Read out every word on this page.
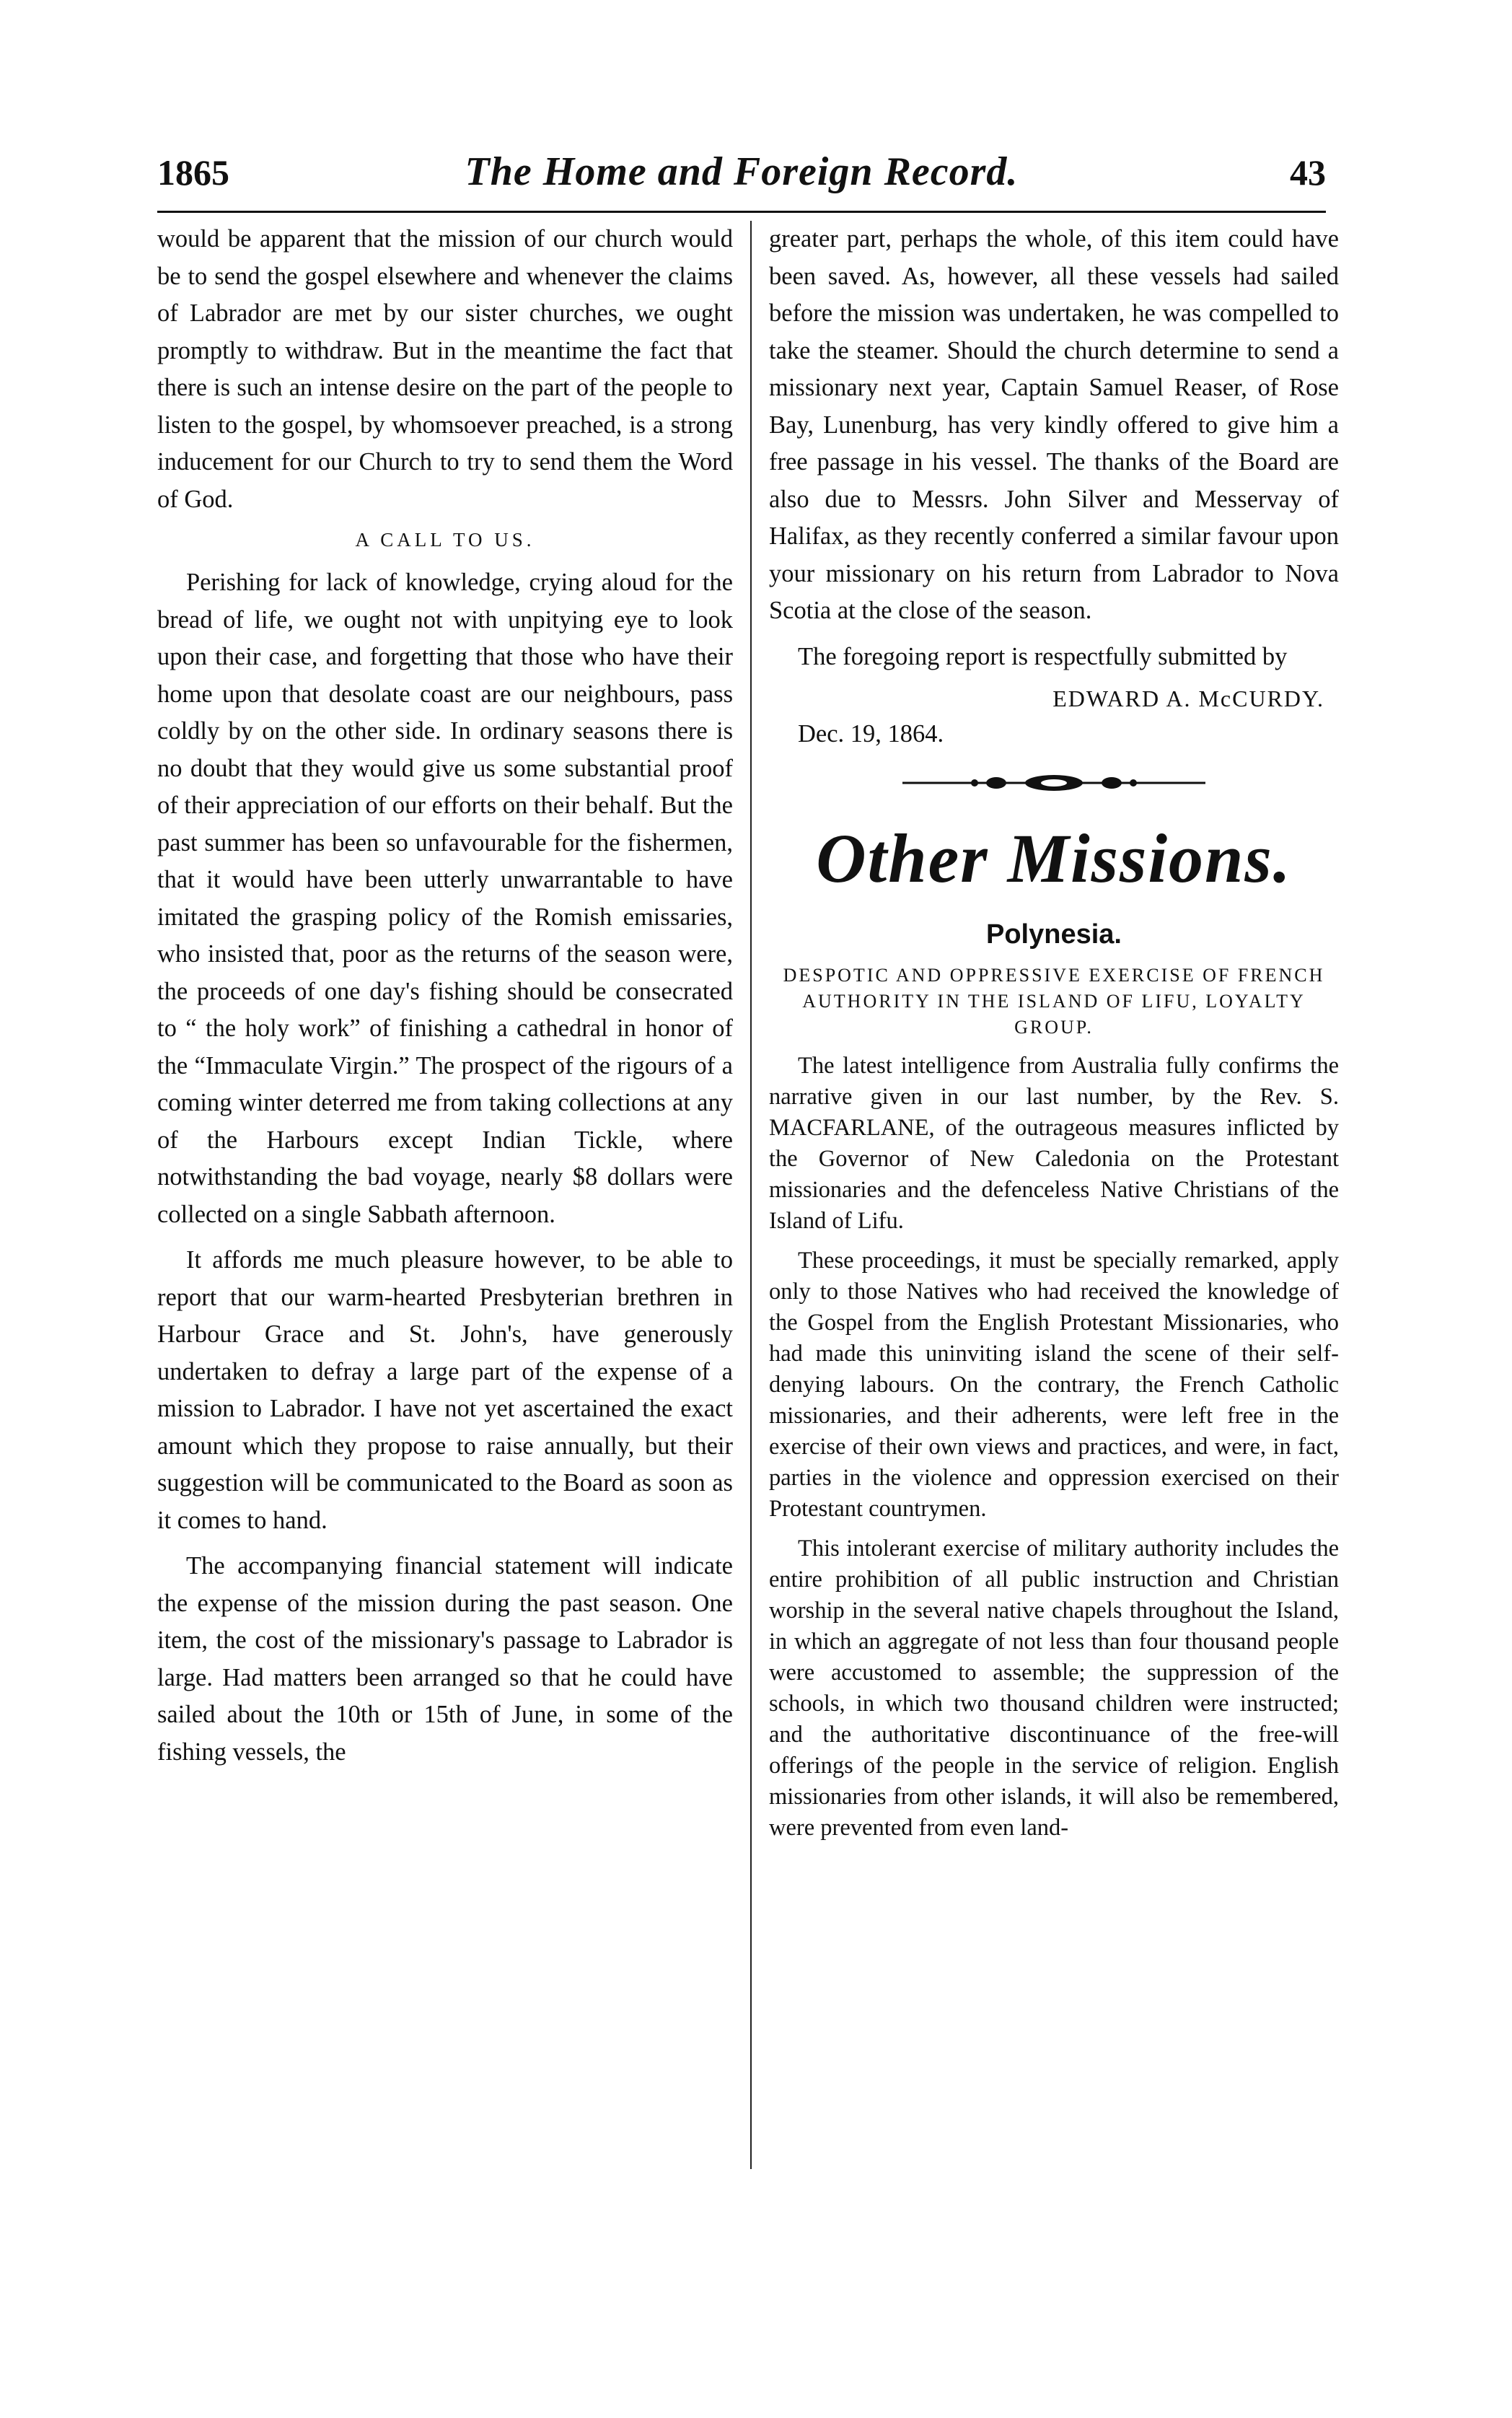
1865	The Home and Foreign Record.	43

would be apparent that the mission of our church would be to send the gospel elsewhere and whenever the claims of Labrador are met by our sister churches, we ought promptly to withdraw. But in the meantime the fact that there is such an intense desire on the part of the people to listen to the gospel, by whomsoever preached, is a strong inducement for our Church to try to send them the Word of God.

A CALL TO US.

Perishing for lack of knowledge, crying aloud for the bread of life, we ought not with unpitying eye to look upon their case, and forgetting that those who have their home upon that desolate coast are our neighbours, pass coldly by on the other side. In ordinary seasons there is no doubt that they would give us some substantial proof of their appreciation of our efforts on their behalf. But the past summer has been so unfavourable for the fishermen, that it would have been utterly unwarrantable to have imitated the grasping policy of the Romish emissaries, who insisted that, poor as the returns of the season were, the proceeds of one day's fishing should be consecrated to “ the holy work” of finishing a cathedral in honor of the “Immaculate Virgin.” The prospect of the rigours of a coming winter deterred me from taking collections at any of the Harbours except Indian Tickle, where notwithstanding the bad voyage, nearly $8 dollars were collected on a single Sabbath afternoon.

It affords me much pleasure however, to be able to report that our warm-hearted Presbyterian brethren in Harbour Grace and St. John's, have generously undertaken to defray a large part of the expense of a mission to Labrador. I have not yet ascertained the exact amount which they propose to raise annually, but their suggestion will be communicated to the Board as soon as it comes to hand.

The accompanying financial statement will indicate the expense of the mission during the past season. One item, the cost of the missionary's passage to Labrador is large. Had matters been arranged so that he could have sailed about the 10th or 15th of June, in some of the fishing vessels, the

greater part, perhaps the whole, of this item could have been saved. As, however, all these vessels had sailed before the mission was undertaken, he was compelled to take the steamer. Should the church determine to send a missionary next year, Captain Samuel Reaser, of Rose Bay, Lunenburg, has very kindly offered to give him a free passage in his vessel. The thanks of the Board are also due to Messrs. John Silver and Messervay of Halifax, as they recently conferred a similar favour upon your missionary on his return from Labrador to Nova Scotia at the close of the season.

The foregoing report is respectfully submitted by

EDWARD A. McCURDY.
Dec. 19, 1864.
Other Missions.
Polynesia.
DESPOTIC AND OPPRESSIVE EXERCISE OF FRENCH AUTHORITY IN THE ISLAND OF LIFU, LOYALTY GROUP.

The latest intelligence from Australia fully confirms the narrative given in our last number, by the Rev. S. MACFARLANE, of the outrageous measures inflicted by the Governor of New Caledonia on the Protestant missionaries and the defenceless Native Christians of the Island of Lifu.

These proceedings, it must be specially remarked, apply only to those Natives who had received the knowledge of the Gospel from the English Protestant Missionaries, who had made this uninviting island the scene of their self-denying labours. On the contrary, the French Catholic missionaries, and their adherents, were left free in the exercise of their own views and practices, and were, in fact, parties in the violence and oppression exercised on their Protestant countrymen.

This intolerant exercise of military authority includes the entire prohibition of all public instruction and Christian worship in the several native chapels throughout the Island, in which an aggregate of not less than four thousand people were accustomed to assemble; the suppression of the schools, in which two thousand children were instructed; and the authoritative discontinuance of the free-will offerings of the people in the service of religion. English missionaries from other islands, it will also be remembered, were prevented from even land-
